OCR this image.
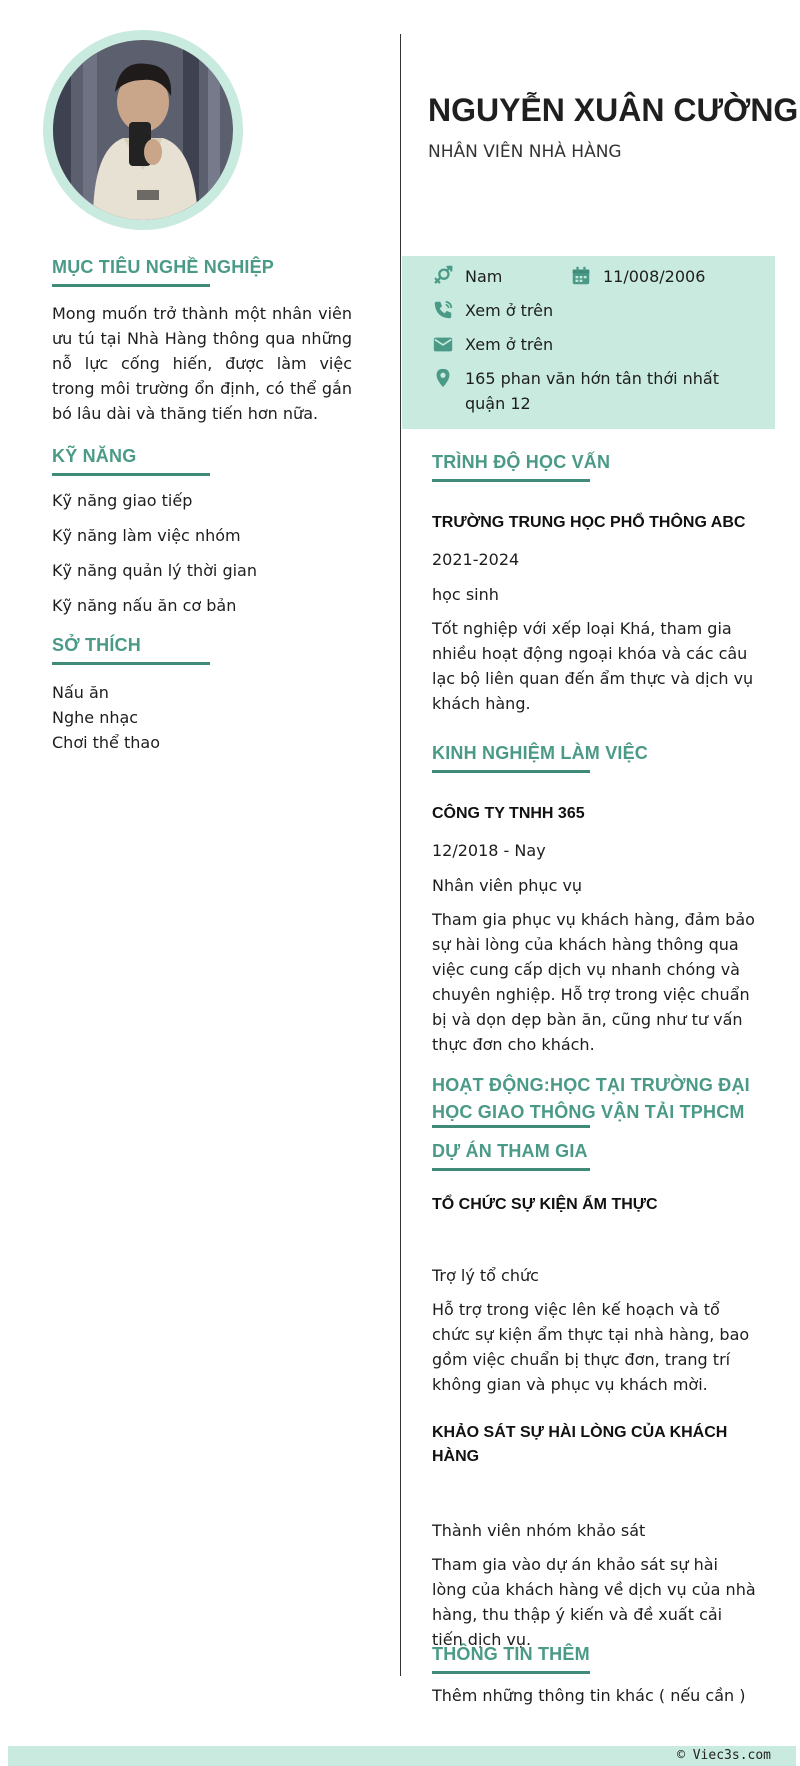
MỤC TIÊU NGHỀ NGHIỆP

Mong muốn trở thành một nhân viên ưu tú tại Nhà Hàng thông qua những nỗ lực cống hiến, được làm việc trong môi trường ổn định, có thể gắn bó lâu dài và thăng tiến hơn nữa.

KỸ NĂNG
Kỹ năng giao tiếp
Kỹ năng làm việc nhóm
Kỹ năng quản lý thời gian
Kỹ năng nấu ăn cơ bản
SỞ THÍCH
Nấu ăn
Nghe nhạc
Chơi thể thao
NGUYỄN XUÂN CƯỜNG
NHÂN VIÊN NHÀ HÀNG
Nam	11/008/2006
Xem ở trên
Xem ở trên
165 phan văn hớn tân thới nhất quận 12
TRÌNH ĐỘ HỌC VẤN
TRƯỜNG TRUNG HỌC PHỔ THÔNG ABC
2021-2024
học sinh
Tốt nghiệp với xếp loại Khá, tham gia nhiều hoạt động ngoại khóa và các câu lạc bộ liên quan đến ẩm thực và dịch vụ khách hàng.
KINH NGHIỆM LÀM VIỆC
CÔNG TY TNHH 365
12/2018 - Nay
Nhân viên phục vụ
Tham gia phục vụ khách hàng, đảm bảo sự hài lòng của khách hàng thông qua việc cung cấp dịch vụ nhanh chóng và chuyên nghiệp. Hỗ trợ trong việc chuẩn bị và dọn dẹp bàn ăn, cũng như tư vấn thực đơn cho khách.
HOẠT ĐỘNG:HỌC TẠI TRƯỜNG ĐẠI HỌC GIAO THÔNG VẬN TẢI TPHCM
DỰ ÁN THAM GIA
TỔ CHỨC SỰ KIỆN ẨM THỰC
Trợ lý tổ chức
Hỗ trợ trong việc lên kế hoạch và tổ chức sự kiện ẩm thực tại nhà hàng, bao gồm việc chuẩn bị thực đơn, trang trí không gian và phục vụ khách mời.
KHẢO SÁT SỰ HÀI LÒNG CỦA KHÁCH HÀNG
Thành viên nhóm khảo sát
Tham gia vào dự án khảo sát sự hài lòng của khách hàng về dịch vụ của nhà hàng, thu thập ý kiến và đề xuất cải tiến dịch vụ.
THÔNG TIN THÊM
Thêm những thông tin khác ( nếu cần )
© Viec3s.com
